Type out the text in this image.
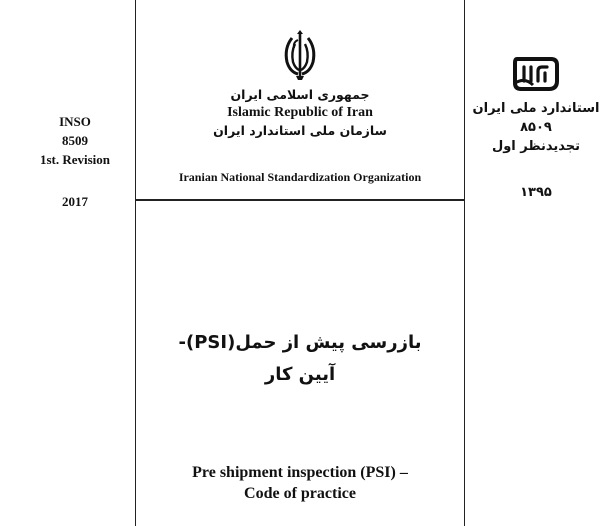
INSO
8509
1st. Revision
2017
استاندارد ملی ایران
۸۵۰۹
تجدیدنظر اول
۱۳۹۵
جمهوری اسلامی ایران
Islamic Republic of Iran
سازمان ملی استاندارد ایران
Iranian National Standardization Organization
بازرسی پیش از حمل(PSI)-
آیین کار
Pre shipment inspection (PSI) –
Code of practice
